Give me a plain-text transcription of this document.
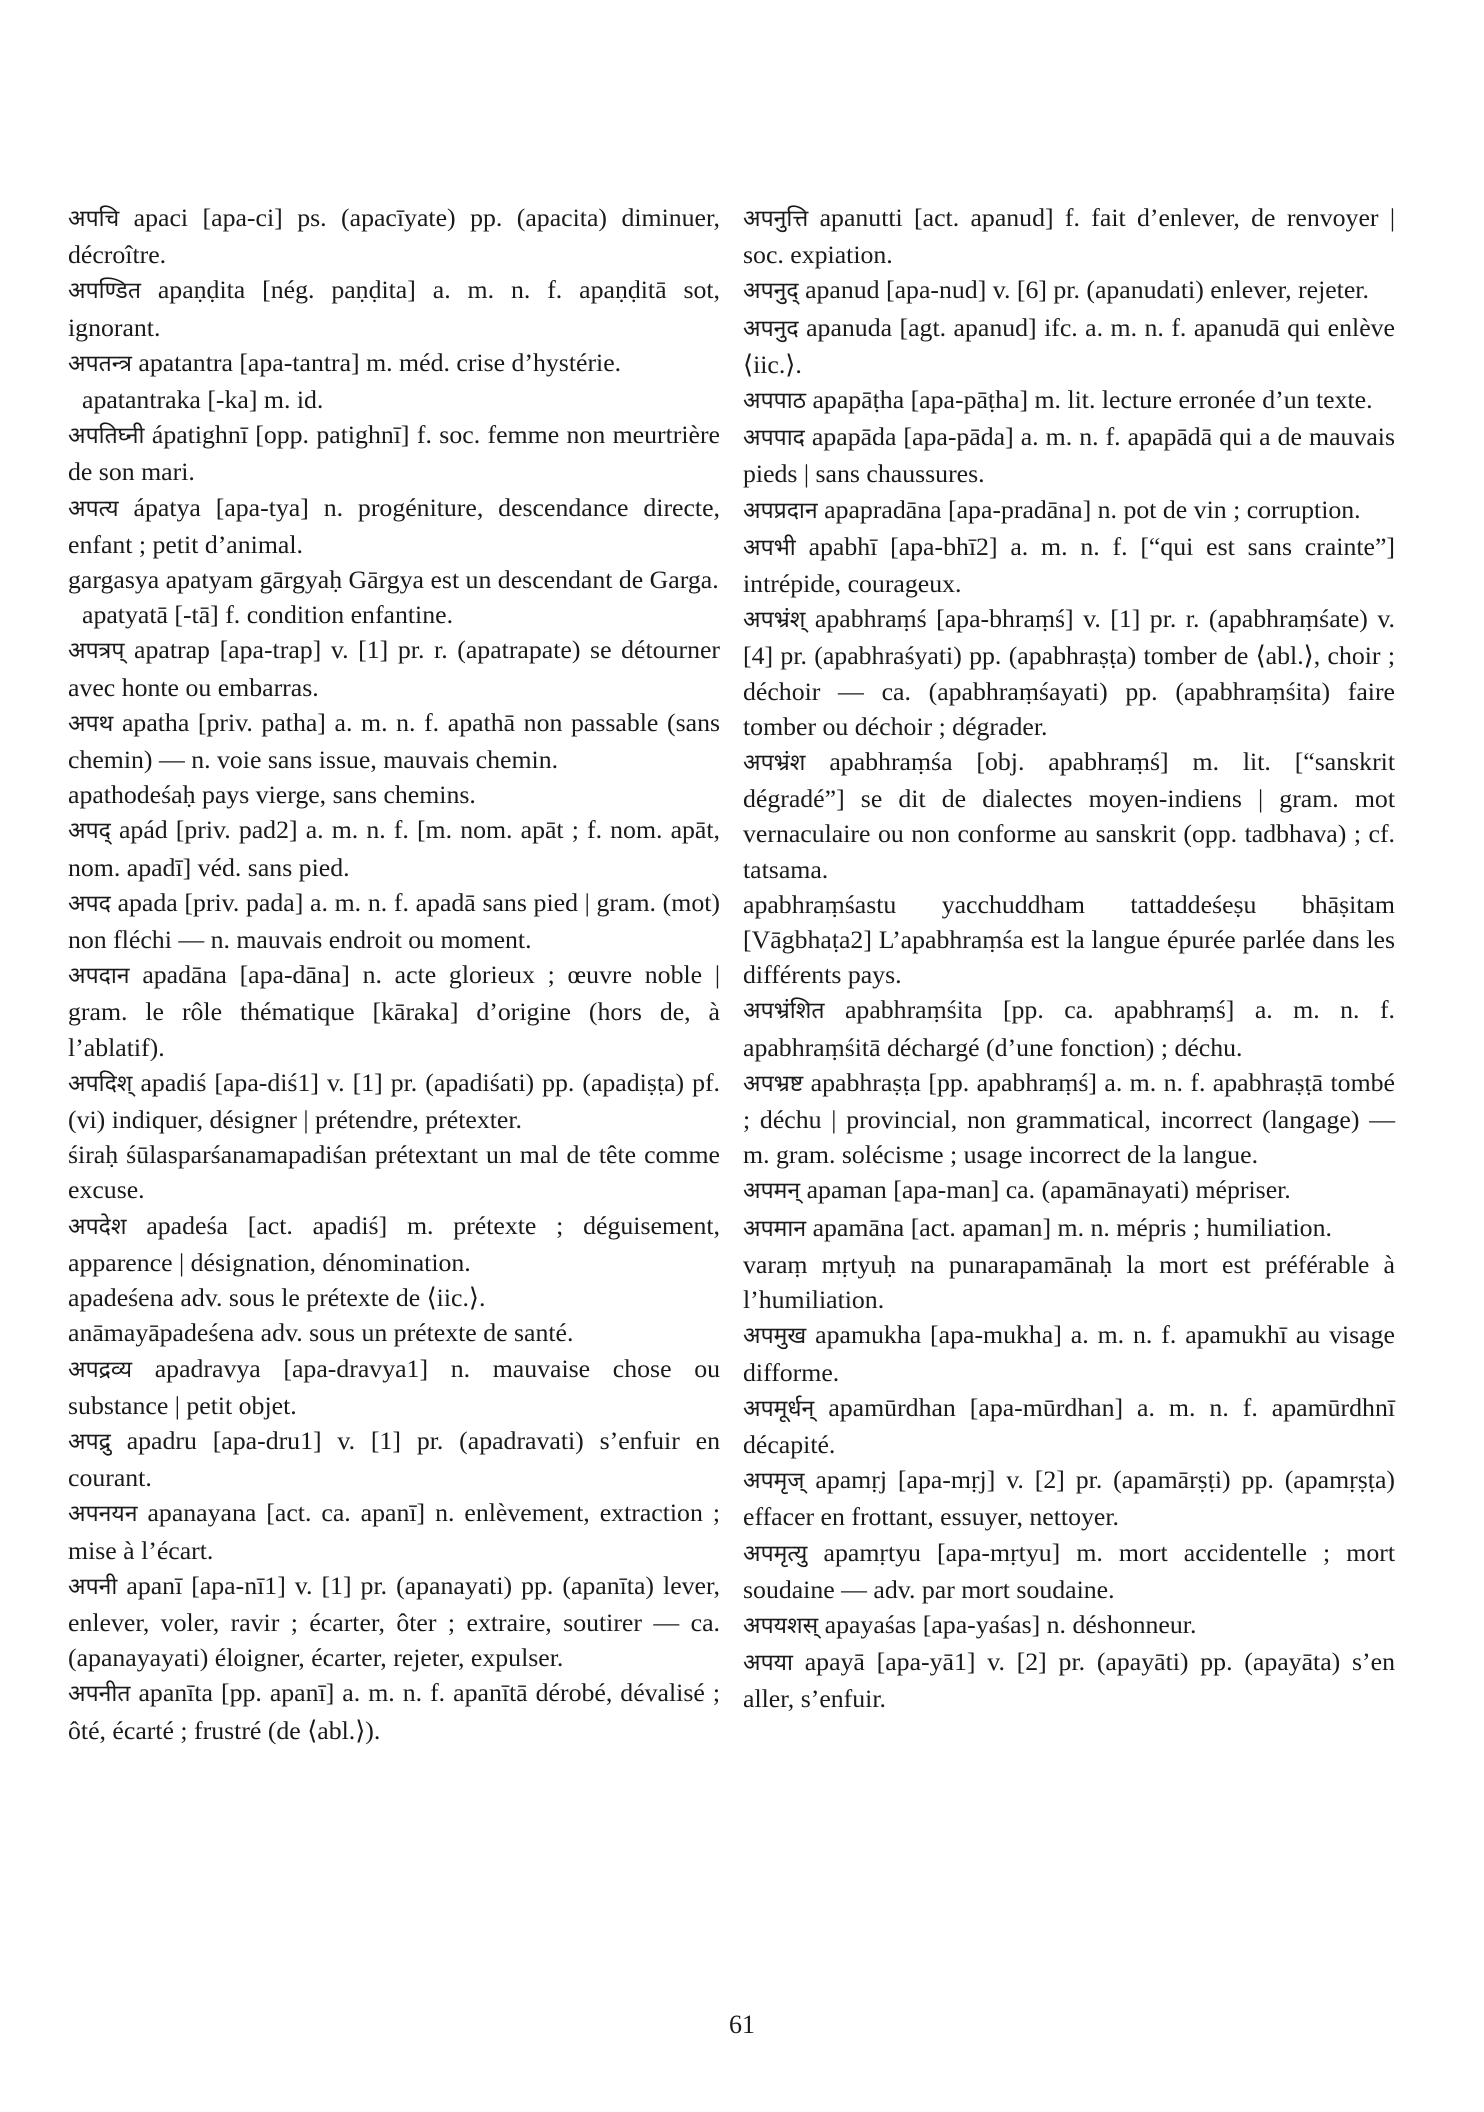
अपचि apaci [apa-ci] ps. (apacīyate) pp. (apacita) diminuer, décroître.

अपण्डित apaṇḍita [nég. paṇḍita] a. m. n. f. apaṇḍitā sot, ignorant.

अपतन्त्र apatantra [apa-tantra] m. méd. crise d’hystérie.

apatantraka [-ka] m. id.

अपतिघ्नी ápatighnī [opp. patighnī] f. soc. femme non meurtrière de son mari.

अपत्य ápatya [apa-tya] n. progéniture, descendance directe, enfant ; petit d’animal.

gargasya apatyam gārgyaḥ Gārgya est un descendant de Garga.

apatyatā [-tā] f. condition enfantine.

अपत्रप् apatrap [apa-trap] v. [1] pr. r. (apatrapate) se détourner avec honte ou embarras.

अपथ apatha [priv. patha] a. m. n. f. apathā non passable (sans chemin) — n. voie sans issue, mauvais chemin.

apathodeśaḥ pays vierge, sans chemins.

अपद् apád [priv. pad2] a. m. n. f. [m. nom. apāt ; f. nom. apāt, nom. apadī] véd. sans pied.

अपद apada [priv. pada] a. m. n. f. apadā sans pied | gram. (mot) non fléchi — n. mauvais endroit ou moment.

अपदान apadāna [apa-dāna] n. acte glorieux ; œuvre noble | gram. le rôle thématique [kāraka] d’origine (hors de, à l’ablatif).

अपदिश् apadiś [apa-diś1] v. [1] pr. (apadiśati) pp. (apadiṣṭa) pf. (vi) indiquer, désigner | prétendre, prétexter.

śiraḥ śūlasparśanamapadiśan prétextant un mal de tête comme excuse.

अपदेश apadeśa [act. apadiś] m. prétexte ; déguisement, apparence | désignation, dénomination.

apadeśena adv. sous le prétexte de ⟨iic.⟩.

anāmayāpadeśena adv. sous un prétexte de santé.

अपद्रव्य apadravya [apa-dravya1] n. mauvaise chose ou substance | petit objet.

अपद्रु apadru [apa-dru1] v. [1] pr. (apadravati) s’enfuir en courant.

अपनयन apanayana [act. ca. apanī] n. enlèvement, extraction ; mise à l’écart.

अपनी apanī [apa-nī1] v. [1] pr. (apanayati) pp. (apanīta) lever, enlever, voler, ravir ; écarter, ôter ; extraire, soutirer — ca. (apanayayati) éloigner, écarter, rejeter, expulser.

अपनीत apanīta [pp. apanī] a. m. n. f. apanītā dérobé, dévalisé ; ôté, écarté ; frustré (de ⟨abl.⟩).

अपनुत्ति apanutti [act. apanud] f. fait d’enlever, de renvoyer | soc. expiation.

अपनुद् apanud [apa-nud] v. [6] pr. (apanudati) enlever, rejeter.

अपनुद apanuda [agt. apanud] ifc. a. m. n. f. apanudā qui enlève ⟨iic.⟩.

अपपाठ apapāṭha [apa-pāṭha] m. lit. lecture erronée d’un texte.

अपपाद apapāda [apa-pāda] a. m. n. f. apapādā qui a de mauvais pieds | sans chaussures.

अपप्रदान apapradāna [apa-pradāna] n. pot de vin ; corruption.

अपभी apabhī [apa-bhī2] a. m. n. f. [“qui est sans crainte”] intrépide, courageux.

अपभ्रंश् apabhraṃś [apa-bhraṃś] v. [1] pr. r. (apabhraṃśate) v. [4] pr. (apabhraśyati) pp. (apabhraṣṭa) tomber de ⟨abl.⟩, choir ; déchoir — ca. (apabhraṃśayati) pp. (apabhraṃśita) faire tomber ou déchoir ; dégrader.

अपभ्रंश apabhraṃśa [obj. apabhraṃś] m. lit. [“sanskrit dégradé”] se dit de dialectes moyen-indiens | gram. mot vernaculaire ou non conforme au sanskrit (opp. tadbhava) ; cf. tatsama.

apabhraṃśastu yacchuddham tattaddeśeṣu bhāṣitam [Vāgbhaṭa2] L’apabhraṃśa est la langue épurée parlée dans les différents pays.

अपभ्रंशित apabhraṃśita [pp. ca. apabhraṃś] a. m. n. f. apabhraṃśitā déchargé (d’une fonction) ; déchu.

अपभ्रष्ट apabhraṣṭa [pp. apabhraṃś] a. m. n. f. apabhraṣṭā tombé ; déchu | provincial, non grammatical, incorrect (langage) — m. gram. solécisme ; usage incorrect de la langue.

अपमन् apaman [apa-man] ca. (apamānayati) mépriser.

अपमान apamāna [act. apaman] m. n. mépris ; humiliation.

varaṃ mṛtyuḥ na punarapamānaḥ la mort est préférable à l’humiliation.

अपमुख apamukha [apa-mukha] a. m. n. f. apamukhī au visage difforme.

अपमूर्धन् apamūrdhan [apa-mūrdhan] a. m. n. f. apamūrdhnī décapité.

अपमृज् apamṛj [apa-mṛj] v. [2] pr. (apamārṣṭi) pp. (apamṛṣṭa) effacer en frottant, essuyer, nettoyer.

अपमृत्यु apamṛtyu [apa-mṛtyu] m. mort accidentelle ; mort soudaine — adv. par mort soudaine.

अपयशस् apayaśas [apa-yaśas] n. déshonneur.

अपया apayā [apa-yā1] v. [2] pr. (apayāti) pp. (apayāta) s’en aller, s’enfuir.

61
